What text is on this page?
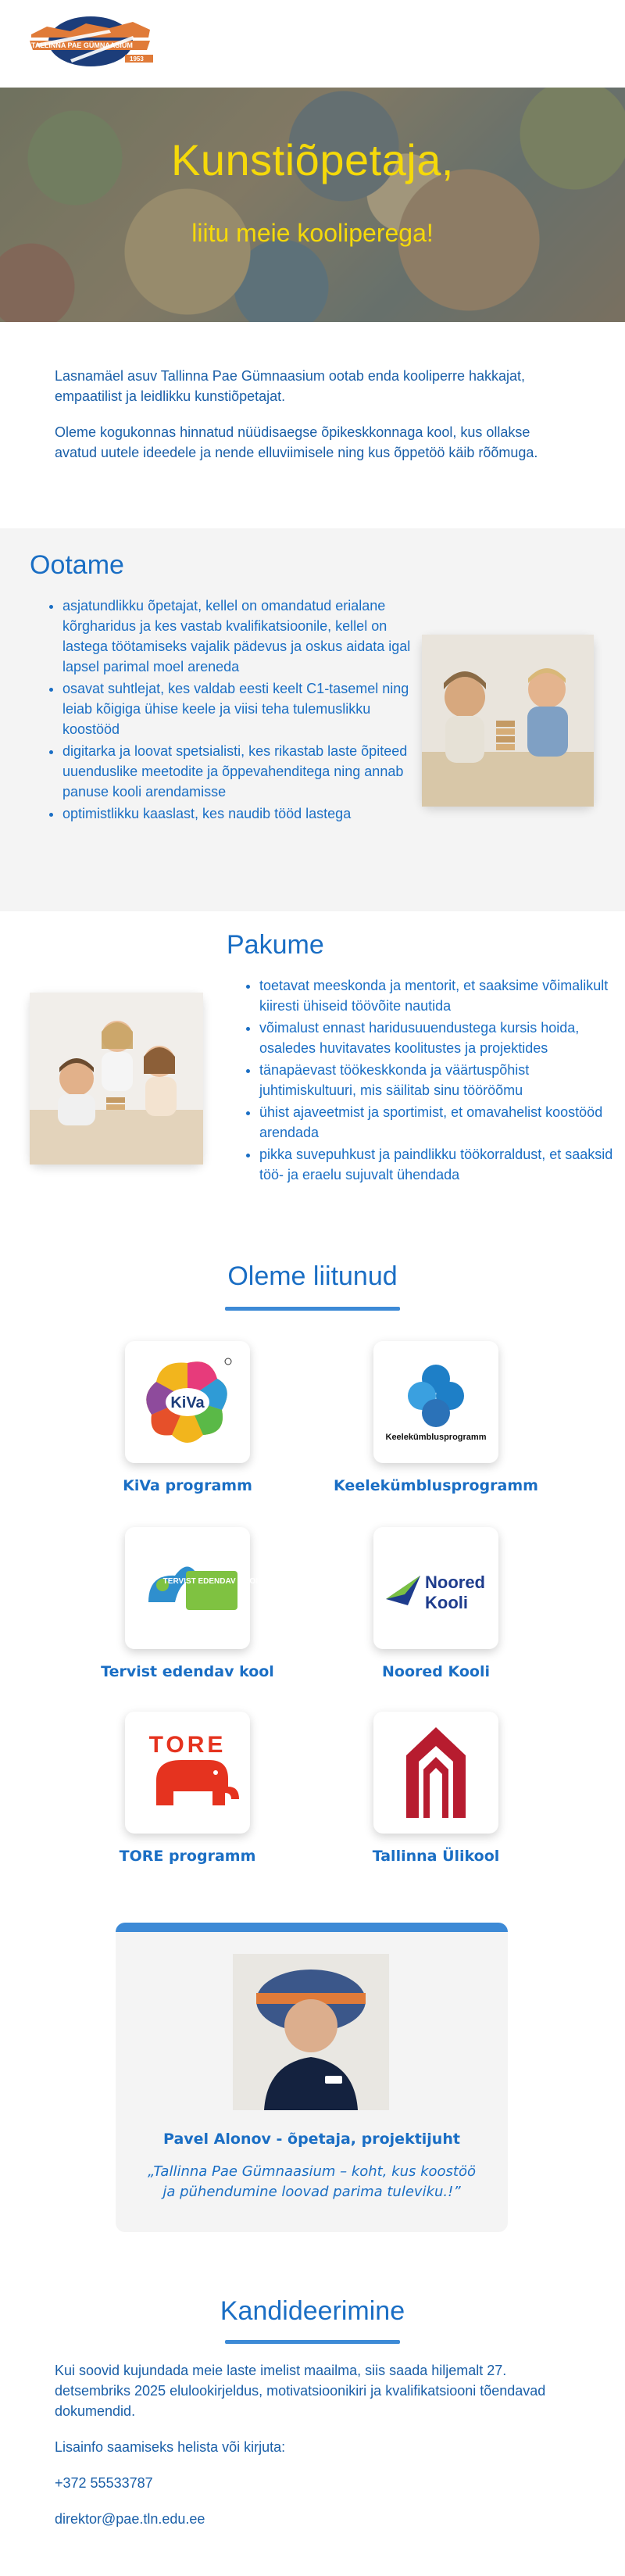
TALLINNA PAE GÜMNAASIUM
1953
Kunstiõpetaja,
liitu meie kooliperega!

Lasnamäel asuv Tallinna Pae Gümnaasium ootab enda kooliperre hakkajat, empaatilist ja leidlikku kunstiõpetajat.

Oleme kogukonnas hinnatud nüüdisaegse õpikeskkonnaga kool, kus ollakse avatud uutele ideedele ja nende elluviimisele ning kus õppetöö käib rõõmuga.

Ootame
• asjatundlikku õpetajat, kellel on omandatud erialane kõrgharidus ja kes vastab kvalifikatsioonile, kellel on lastega töötamiseks vajalik pädevus ja oskus aidata igal lapsel parimal moel areneda
• osavat suhtlejat, kes valdab eesti keelt C1-tasemel ning leiab kõigiga ühise keele ja viisi teha tulemuslikku koostööd
• digitarka ja loovat spetsialisti, kes rikastab laste õpiteed uuenduslike meetodite ja õppevahenditega ning annab panuse kooli arendamisse
• optimistlikku kaaslast, kes naudib tööd lastega
Pakume
• toetavat meeskonda ja mentorit, et saaksime võimalikult kiiresti ühiseid töövõite nautida
• võimalust ennast haridusuuendustega kursis hoida, osaledes huvitavates koolitustes ja projektides
• tänapäevast töökeskkonda ja väärtuspõhist juhtimiskultuuri, mis säilitab sinu tööröõmu
• ühist ajaveetmist ja sportimist, et omavahelist koostööd arendada
• pikka suvepuhkust ja paindlikku töökorraldust, et saaksid töö- ja eraelu sujuvalt ühendada
Oleme liitunud
KiVa
KiVa programm
Keelekümblusprogramm
Keelekümblusprogramm
TERVIST EDENDAV KOOL
Tervist edendav kool
Noored
Kooli
Noored Kooli
TORE
TORE programm	Tallinna Ülikool
Pavel Alonov - õpetaja, projektijuht
„Tallinna Pae Gümnaasium – koht, kus koostöö ja pühendumine loovad parima tuleviku.!”
Kandideerimine

Kui soovid kujundada meie laste imelist maailma, siis saada hiljemalt 27. detsembriks 2025 elulookirjeldus, motivatsioonikiri ja kvalifikatsiooni tõendavad dokumendid.

Lisainfo saamiseks helista või kirjuta:

+372 55533787

direktor@pae.tln.edu.ee
